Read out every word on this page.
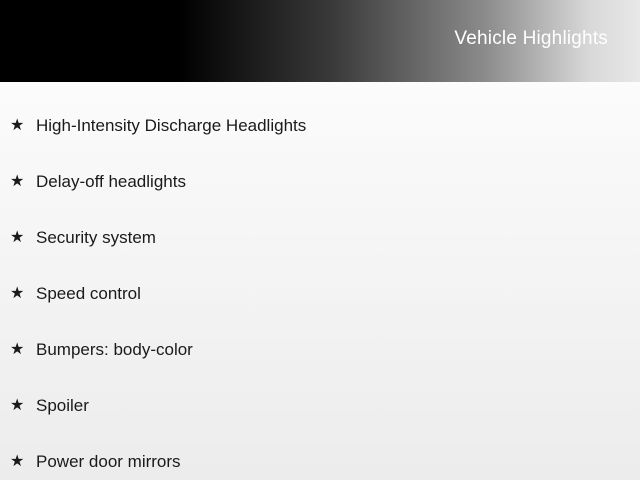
Vehicle Highlights
★ High-Intensity Discharge Headlights
★ Delay-off headlights
★ Security system
★ Speed control
★ Bumpers: body-color
★ Spoiler
★ Power door mirrors
